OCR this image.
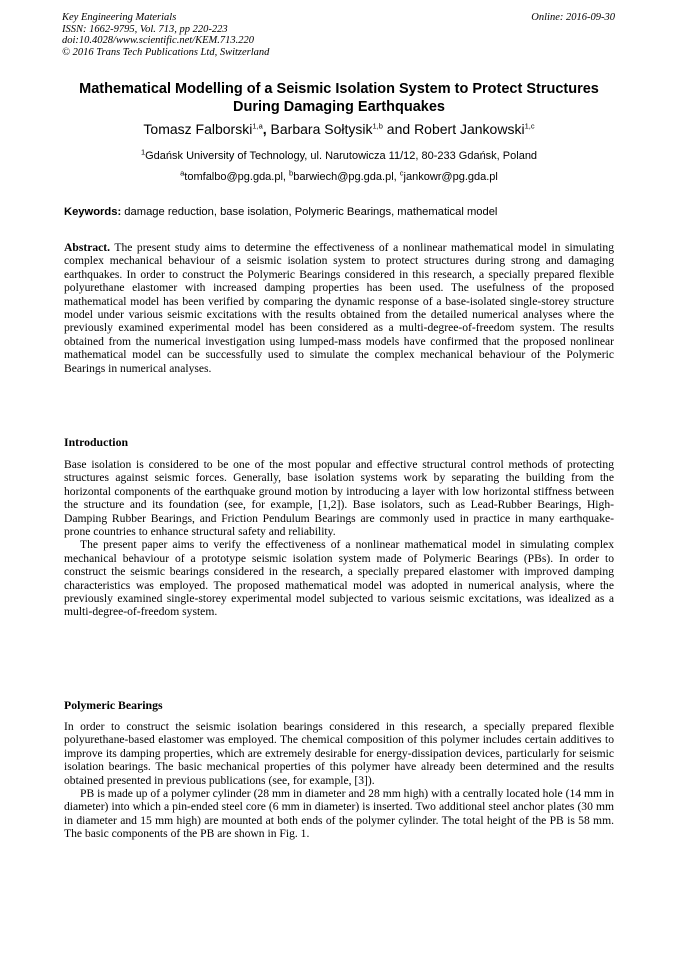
Key Engineering Materials
ISSN: 1662-9795, Vol. 713, pp 220-223
doi:10.4028/www.scientific.net/KEM.713.220
© 2016 Trans Tech Publications Ltd, Switzerland
Online: 2016-09-30
Mathematical Modelling of a Seismic Isolation System to Protect Structures During Damaging Earthquakes
Tomasz Falborski$^{1,a}$, Barbara Sołtysik$^{1,b}$ and Robert Jankowski$^{1,c}$
$^1$Gdańsk University of Technology, ul. Narutowicza 11/12, 80-233 Gdańsk, Poland
$^a$tomfalbo@pg.gda.pl, $^b$barwiech@pg.gda.pl, $^c$jankowr@pg.gda.pl
Keywords: damage reduction, base isolation, Polymeric Bearings, mathematical model

Abstract. The present study aims to determine the effectiveness of a nonlinear mathematical model in simulating complex mechanical behaviour of a seismic isolation system to protect structures during strong and damaging earthquakes. In order to construct the Polymeric Bearings considered in this research, a specially prepared flexible polyurethane elastomer with increased damping properties has been used. The usefulness of the proposed mathematical model has been verified by comparing the dynamic response of a base-isolated single-storey structure model under various seismic excitations with the results obtained from the detailed numerical analyses where the previously examined experimental model has been considered as a multi-degree-of-freedom system. The results obtained from the numerical investigation using lumped-mass models have confirmed that the proposed nonlinear mathematical model can be successfully used to simulate the complex mechanical behaviour of the Polymeric Bearings in numerical analyses.

Introduction

Base isolation is considered to be one of the most popular and effective structural control methods of protecting structures against seismic forces. Generally, base isolation systems work by separating the building from the horizontal components of the earthquake ground motion by introducing a layer with low horizontal stiffness between the structure and its foundation (see, for example, [1,2]). Base isolators, such as Lead-Rubber Bearings, High-Damping Rubber Bearings, and Friction Pendulum Bearings are commonly used in practice in many earthquake-prone countries to enhance structural safety and reliability.

The present paper aims to verify the effectiveness of a nonlinear mathematical model in simulating complex mechanical behaviour of a prototype seismic isolation system made of Polymeric Bearings (PBs). In order to construct the seismic bearings considered in the research, a specially prepared elastomer with improved damping characteristics was employed. The proposed mathematical model was adopted in numerical analysis, where the previously examined single-storey experimental model subjected to various seismic excitations, was idealized as a multi-degree-of-freedom system.

Polymeric Bearings

In order to construct the seismic isolation bearings considered in this research, a specially prepared flexible polyurethane-based elastomer was employed. The chemical composition of this polymer includes certain additives to improve its damping properties, which are extremely desirable for energy-dissipation devices, particularly for seismic isolation bearings. The basic mechanical properties of this polymer have already been determined and the results obtained presented in previous publications (see, for example, [3]).

PB is made up of a polymer cylinder (28 mm in diameter and 28 mm high) with a centrally located hole (14 mm in diameter) into which a pin-ended steel core (6 mm in diameter) is inserted. Two additional steel anchor plates (30 mm in diameter and 15 mm high) are mounted at both ends of the polymer cylinder. The total height of the PB is 58 mm. The basic components of the PB are shown in Fig. 1.
